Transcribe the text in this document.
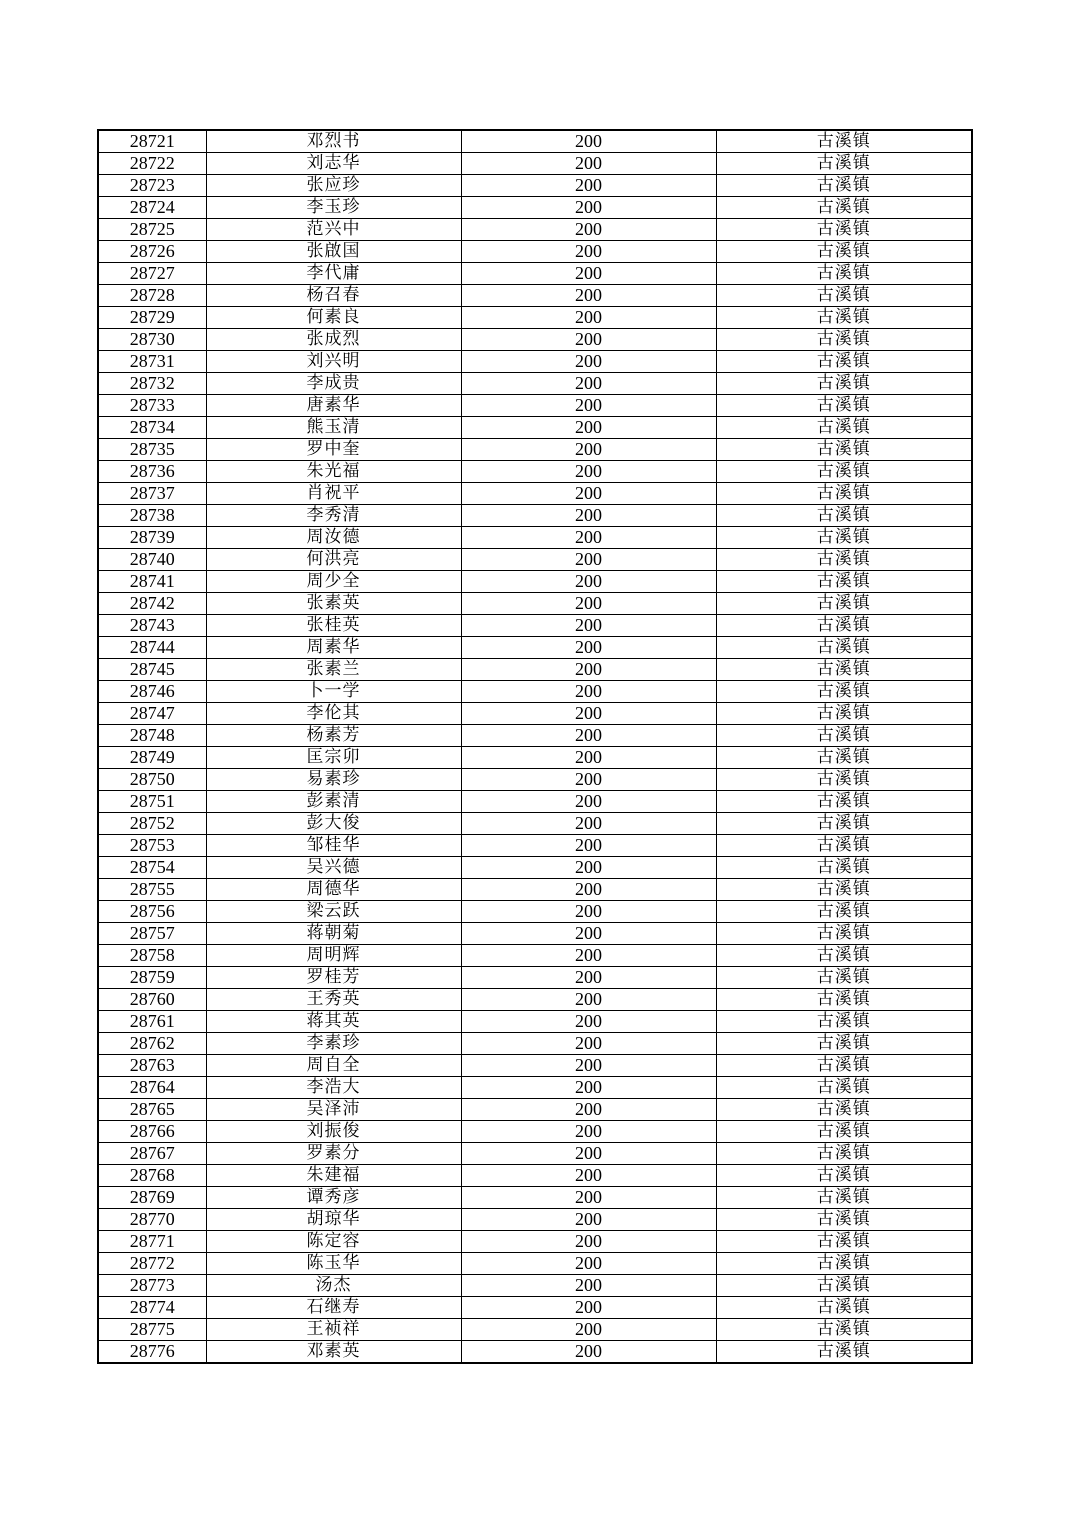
28721	邓烈书	200	古溪镇
28722	刘志华	200	古溪镇
28723	张应珍	200	古溪镇
28724	李玉珍	200	古溪镇
28725	范兴中	200	古溪镇
28726	张啟国	200	古溪镇
28727	李代庸	200	古溪镇
28728	杨召春	200	古溪镇
28729	何素良	200	古溪镇
28730	张成烈	200	古溪镇
28731	刘兴明	200	古溪镇
28732	李成贵	200	古溪镇
28733	唐素华	200	古溪镇
28734	熊玉清	200	古溪镇
28735	罗中奎	200	古溪镇
28736	朱光福	200	古溪镇
28737	肖祝平	200	古溪镇
28738	李秀清	200	古溪镇
28739	周汝德	200	古溪镇
28740	何洪亮	200	古溪镇
28741	周少全	200	古溪镇
28742	张素英	200	古溪镇
28743	张桂英	200	古溪镇
28744	周素华	200	古溪镇
28745	张素兰	200	古溪镇
28746	卜一学	200	古溪镇
28747	李伦其	200	古溪镇
28748	杨素芳	200	古溪镇
28749	匡宗卯	200	古溪镇
28750	易素珍	200	古溪镇
28751	彭素清	200	古溪镇
28752	彭大俊	200	古溪镇
28753	邹桂华	200	古溪镇
28754	吴兴德	200	古溪镇
28755	周德华	200	古溪镇
28756	梁云跃	200	古溪镇
28757	蒋朝菊	200	古溪镇
28758	周明辉	200	古溪镇
28759	罗桂芳	200	古溪镇
28760	王秀英	200	古溪镇
28761	蒋其英	200	古溪镇
28762	李素珍	200	古溪镇
28763	周自全	200	古溪镇
28764	李浩大	200	古溪镇
28765	吴泽沛	200	古溪镇
28766	刘振俊	200	古溪镇
28767	罗素分	200	古溪镇
28768	朱建福	200	古溪镇
28769	谭秀彦	200	古溪镇
28770	胡琼华	200	古溪镇
28771	陈定容	200	古溪镇
28772	陈玉华	200	古溪镇
28773	汤杰	200	古溪镇
28774	石继寿	200	古溪镇
28775	王祯祥	200	古溪镇
28776	邓素英	200	古溪镇
